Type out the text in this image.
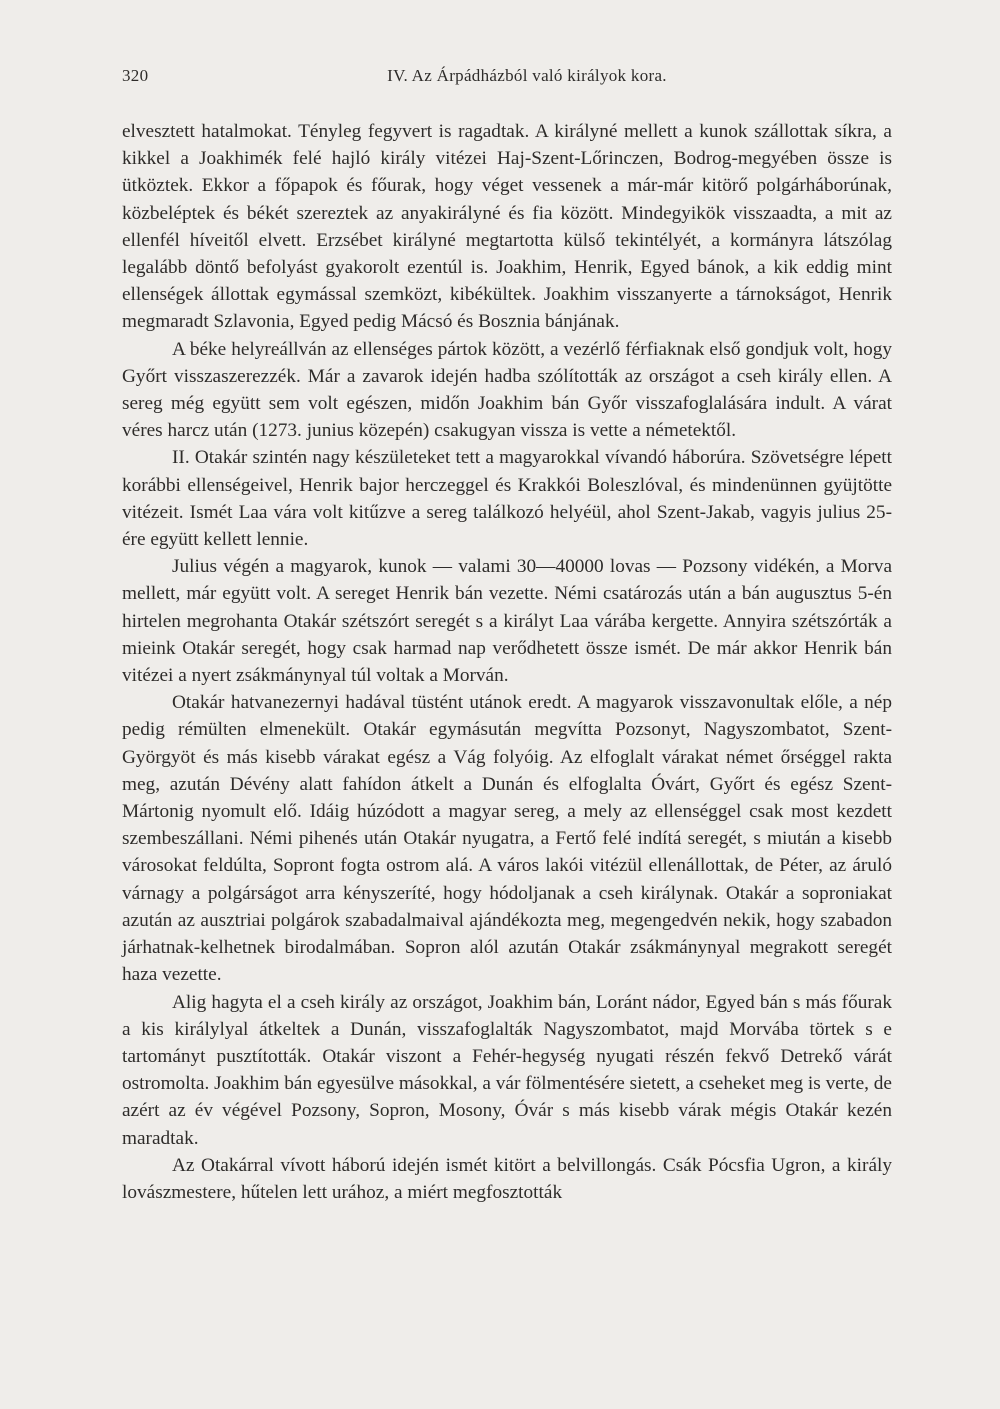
320	IV. Az Árpádházból való királyok kora.

elvesztett hatalmokat. Tényleg fegyvert is ragadtak. A királyné mellett a kunok szállottak síkra, a kikkel a Joakhimék felé hajló király vitézei Haj-Szent-Lőrinczen, Bodrog-megyében össze is ütköztek. Ekkor a főpapok és főurak, hogy véget vessenek a már-már kitörő polgárháborúnak, közbeléptek és békét szereztek az anyakirályné és fia között. Mindegyikök visszaadta, a mit az ellenfél híveitől elvett. Erzsébet királyné megtartotta külső tekintélyét, a kormányra látszólag legalább döntő befolyást gyakorolt ezentúl is. Joakhim, Henrik, Egyed bánok, a kik eddig mint ellenségek állottak egymással szemközt, kibékültek. Joakhim visszanyerte a tárnokságot, Henrik megmaradt Szlavonia, Egyed pedig Mácsó és Bosznia bánjának.

A béke helyreállván az ellenséges pártok között, a vezérlő férfiaknak első gondjuk volt, hogy Győrt visszaszerezzék. Már a zavarok idején hadba szólították az országot a cseh király ellen. A sereg még együtt sem volt egészen, midőn Joakhim bán Győr visszafoglalására indult. A várat véres harcz után (1273. junius közepén) csakugyan vissza is vette a németektől.

II. Otakár szintén nagy készületeket tett a magyarokkal vívandó háborúra. Szövetségre lépett korábbi ellenségeivel, Henrik bajor herczeggel és Krakkói Boleszlóval, és mindenünnen gyüjtötte vitézeit. Ismét Laa vára volt kitűzve a sereg találkozó helyéül, ahol Szent-Jakab, vagyis julius 25-ére együtt kellett lennie.

Julius végén a magyarok, kunok — valami 30—40000 lovas — Pozsony vidékén, a Morva mellett, már együtt volt. A sereget Henrik bán vezette. Némi csatározás után a bán augusztus 5-én hirtelen megrohanta Otakár szétszórt seregét s a királyt Laa várába kergette. Annyira szétszórták a mieink Otakár seregét, hogy csak harmad nap verődhetett össze ismét. De már akkor Henrik bán vitézei a nyert zsákmánynyal túl voltak a Morván.

Otakár hatvanezernyi hadával tüstént utánok eredt. A magyarok visszavonultak előle, a nép pedig rémülten elmenekült. Otakár egymásután megvítta Pozsonyt, Nagyszombatot, Szent-Györgyöt és más kisebb várakat egész a Vág folyóig. Az elfoglalt várakat német őrséggel rakta meg, azután Dévény alatt fahídon átkelt a Dunán és elfoglalta Óvárt, Győrt és egész Szent-Mártonig nyomult elő. Idáig húzódott a magyar sereg, a mely az ellenséggel csak most kezdett szembeszállani. Némi pihenés után Otakár nyugatra, a Fertő felé indítá seregét, s miután a kisebb városokat feldúlta, Sopront fogta ostrom alá. A város lakói vitézül ellenállottak, de Péter, az áruló várnagy a polgárságot arra kényszeríté, hogy hódoljanak a cseh királynak. Otakár a soproniakat azután az ausztriai polgárok szabadalmaival ajándékozta meg, megengedvén nekik, hogy szabadon járhatnak-kelhetnek birodalmában. Sopron alól azután Otakár zsákmánynyal megrakott seregét haza vezette.

Alig hagyta el a cseh király az országot, Joakhim bán, Loránt nádor, Egyed bán s más főurak a kis királylyal átkeltek a Dunán, visszafoglalták Nagyszombatot, majd Morvába törtek s e tartományt pusztították. Otakár viszont a Fehér-hegység nyugati részén fekvő Detrekő várát ostromolta. Joakhim bán egyesülve másokkal, a vár fölmentésére sietett, a cseheket meg is verte, de azért az év végével Pozsony, Sopron, Mosony, Óvár s más kisebb várak mégis Otakár kezén maradtak.

Az Otakárral vívott háború idején ismét kitört a belvillongás. Csák Pócsfia Ugron, a király lovászmestere, hűtelen lett urához, a miért megfosztották
